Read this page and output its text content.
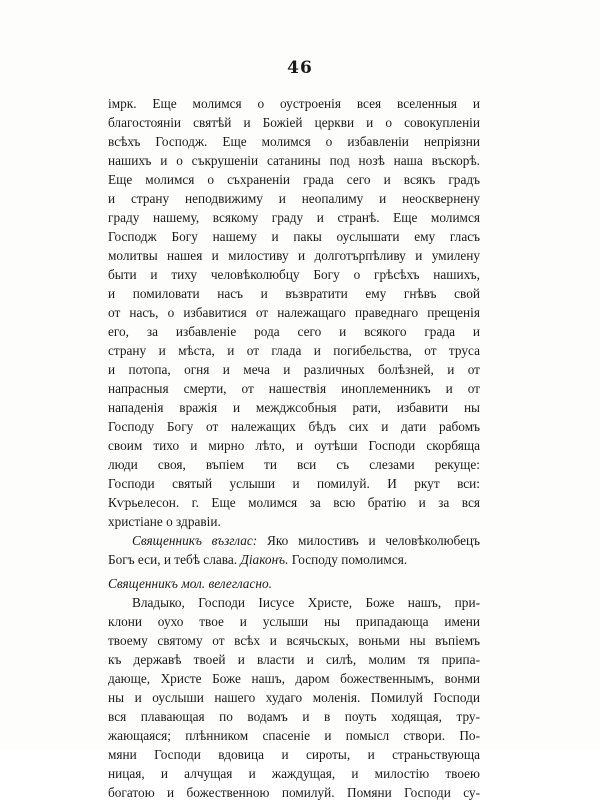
46
імрк. Еще молимся о оустроенія всея вселенныя и
благостояніи святѣй и Божіей церкви и о совокупленіи
всѣхъ Господж. Еще молимся о избавленіи непріязни
нашихъ и о съкрушеніи сатанины под нозѣ наша въскорѣ.
Еще молимся о съхраненіи града сего и всякъ градъ
и страну неподвижиму и неопалиму и неосквернену
граду нашему, всякому граду и странѣ. Еще молимся
Господж Богу нашему и пакы оуслышати ему гласъ
молитвы нашея и милостиву и долготърпѣливу и умилену
быти и тиху человѣколюбцу Богу о грѣсѣхъ нашихъ,
и помиловати насъ и възвратити ему гнѣвъ свой
от насъ, о избавитися от належащаго праведнаго прещенія
его, за избавленіе рода сего и всякого града и
страну и мѣста, и от глада и погибельства, от труса
и потопа, огня и меча и различных болѣзней, и от
напрасныя смерти, от нашествія иноплеменникъ и от
нападенія вражія и межджсобныя рати, избавити ны
Господу Богу от належащих бѣдъ сих и дати рабомъ
своим тихо и мирно лѣто, и оутѣши Господи скорбяща
люди своя, въпіем ти вси съ слезами рекуще:
Господи святый услыши и помилуй. И ркут вси:
Кѵрьелесон. г. Еще молимся за всю братію и за вся
христіане о здравіи.
Священникъ възглас: Яко милостивъ и человѣколюбецъ
Богъ еси, и тебѣ слава. Діаконъ. Господу помолимся.
Священникъ мол. велегласно.
Владыко, Господи Іисусе Христе, Боже нашъ, при-
клони оухо твое и услыши ны припадающа имени
твоему святому от всѣх и всячьскых, воньми ны въпіемъ
къ державѣ твоей и власти и силѣ, молим тя припа-
дающе, Христе Боже нашъ, даром божественнымъ, вонми
ны и оуслыши нашего худаго моленія. Помилуй Господи
вся плавающая по водамъ и в поуть ходящая, тру-
жающаяся; плѣнником спасеніе и помысл створи. По-
мяни Господи вдовица и сироты, и страньствующа
ницая, и алчущая и жаждущая, и милостію твоею
богатою и божественною помилуй. Помяни Господи су-
